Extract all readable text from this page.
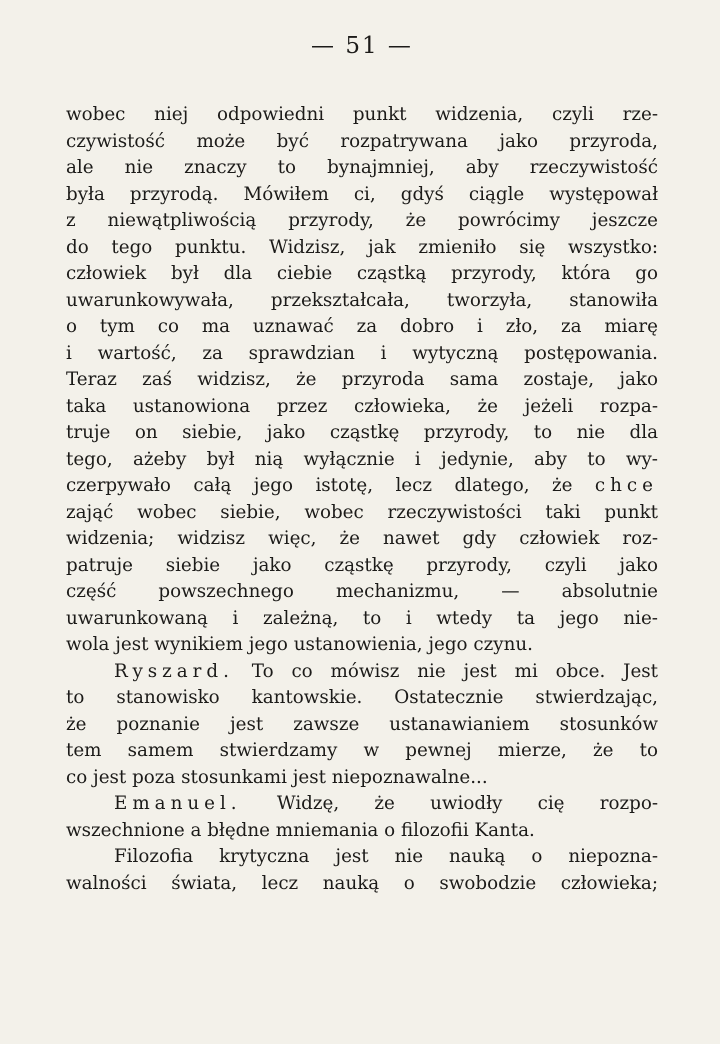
— 51 —
wobec niej odpowiedni punkt widzenia, czyli rze-
czywistość może być rozpatrywana jako przyroda,
ale nie znaczy to bynajmniej, aby rzeczywistość
była przyrodą. Mówiłem ci, gdyś ciągle występował
z niewątpliwością przyrody, że powrócimy jeszcze
do tego punktu. Widzisz, jak zmieniło się wszystko:
człowiek był dla ciebie cząstką przyrody, która go
uwarunkowywała, przekształcała, tworzyła, stanowiła
o tym co ma uznawać za dobro i zło, za miarę
i wartość, za sprawdzian i wytyczną postępowania.
Teraz zaś widzisz, że przyroda sama zostaje, jako
taka ustanowiona przez człowieka, że jeżeli rozpa-
truje on siebie, jako cząstkę przyrody, to nie dla
tego, ażeby był nią wyłącznie i jedynie, aby to wy-
czerpywało całą jego istotę, lecz dlatego, że chce
zająć wobec siebie, wobec rzeczywistości taki punkt
widzenia; widzisz więc, że nawet gdy człowiek roz-
patruje siebie jako cząstkę przyrody, czyli jako
część powszechnego mechanizmu, — absolutnie
uwarunkowaną i zależną, to i wtedy ta jego nie-
wola jest wynikiem jego ustanowienia, jego czynu.
Ryszard. To co mówisz nie jest mi obce. Jest
to stanowisko kantowskie. Ostatecznie stwierdzając,
że poznanie jest zawsze ustanawianiem stosunków
tem samem stwierdzamy w pewnej mierze, że to
co jest poza stosunkami jest niepoznawalne...
Emanuel. Widzę, że uwiodły cię rozpo-
wszechnione a błędne mniemania o filozofii Kanta.
Filozofia krytyczna jest nie nauką o niepozna-
walności świata, lecz nauką o swobodzie człowieka;
